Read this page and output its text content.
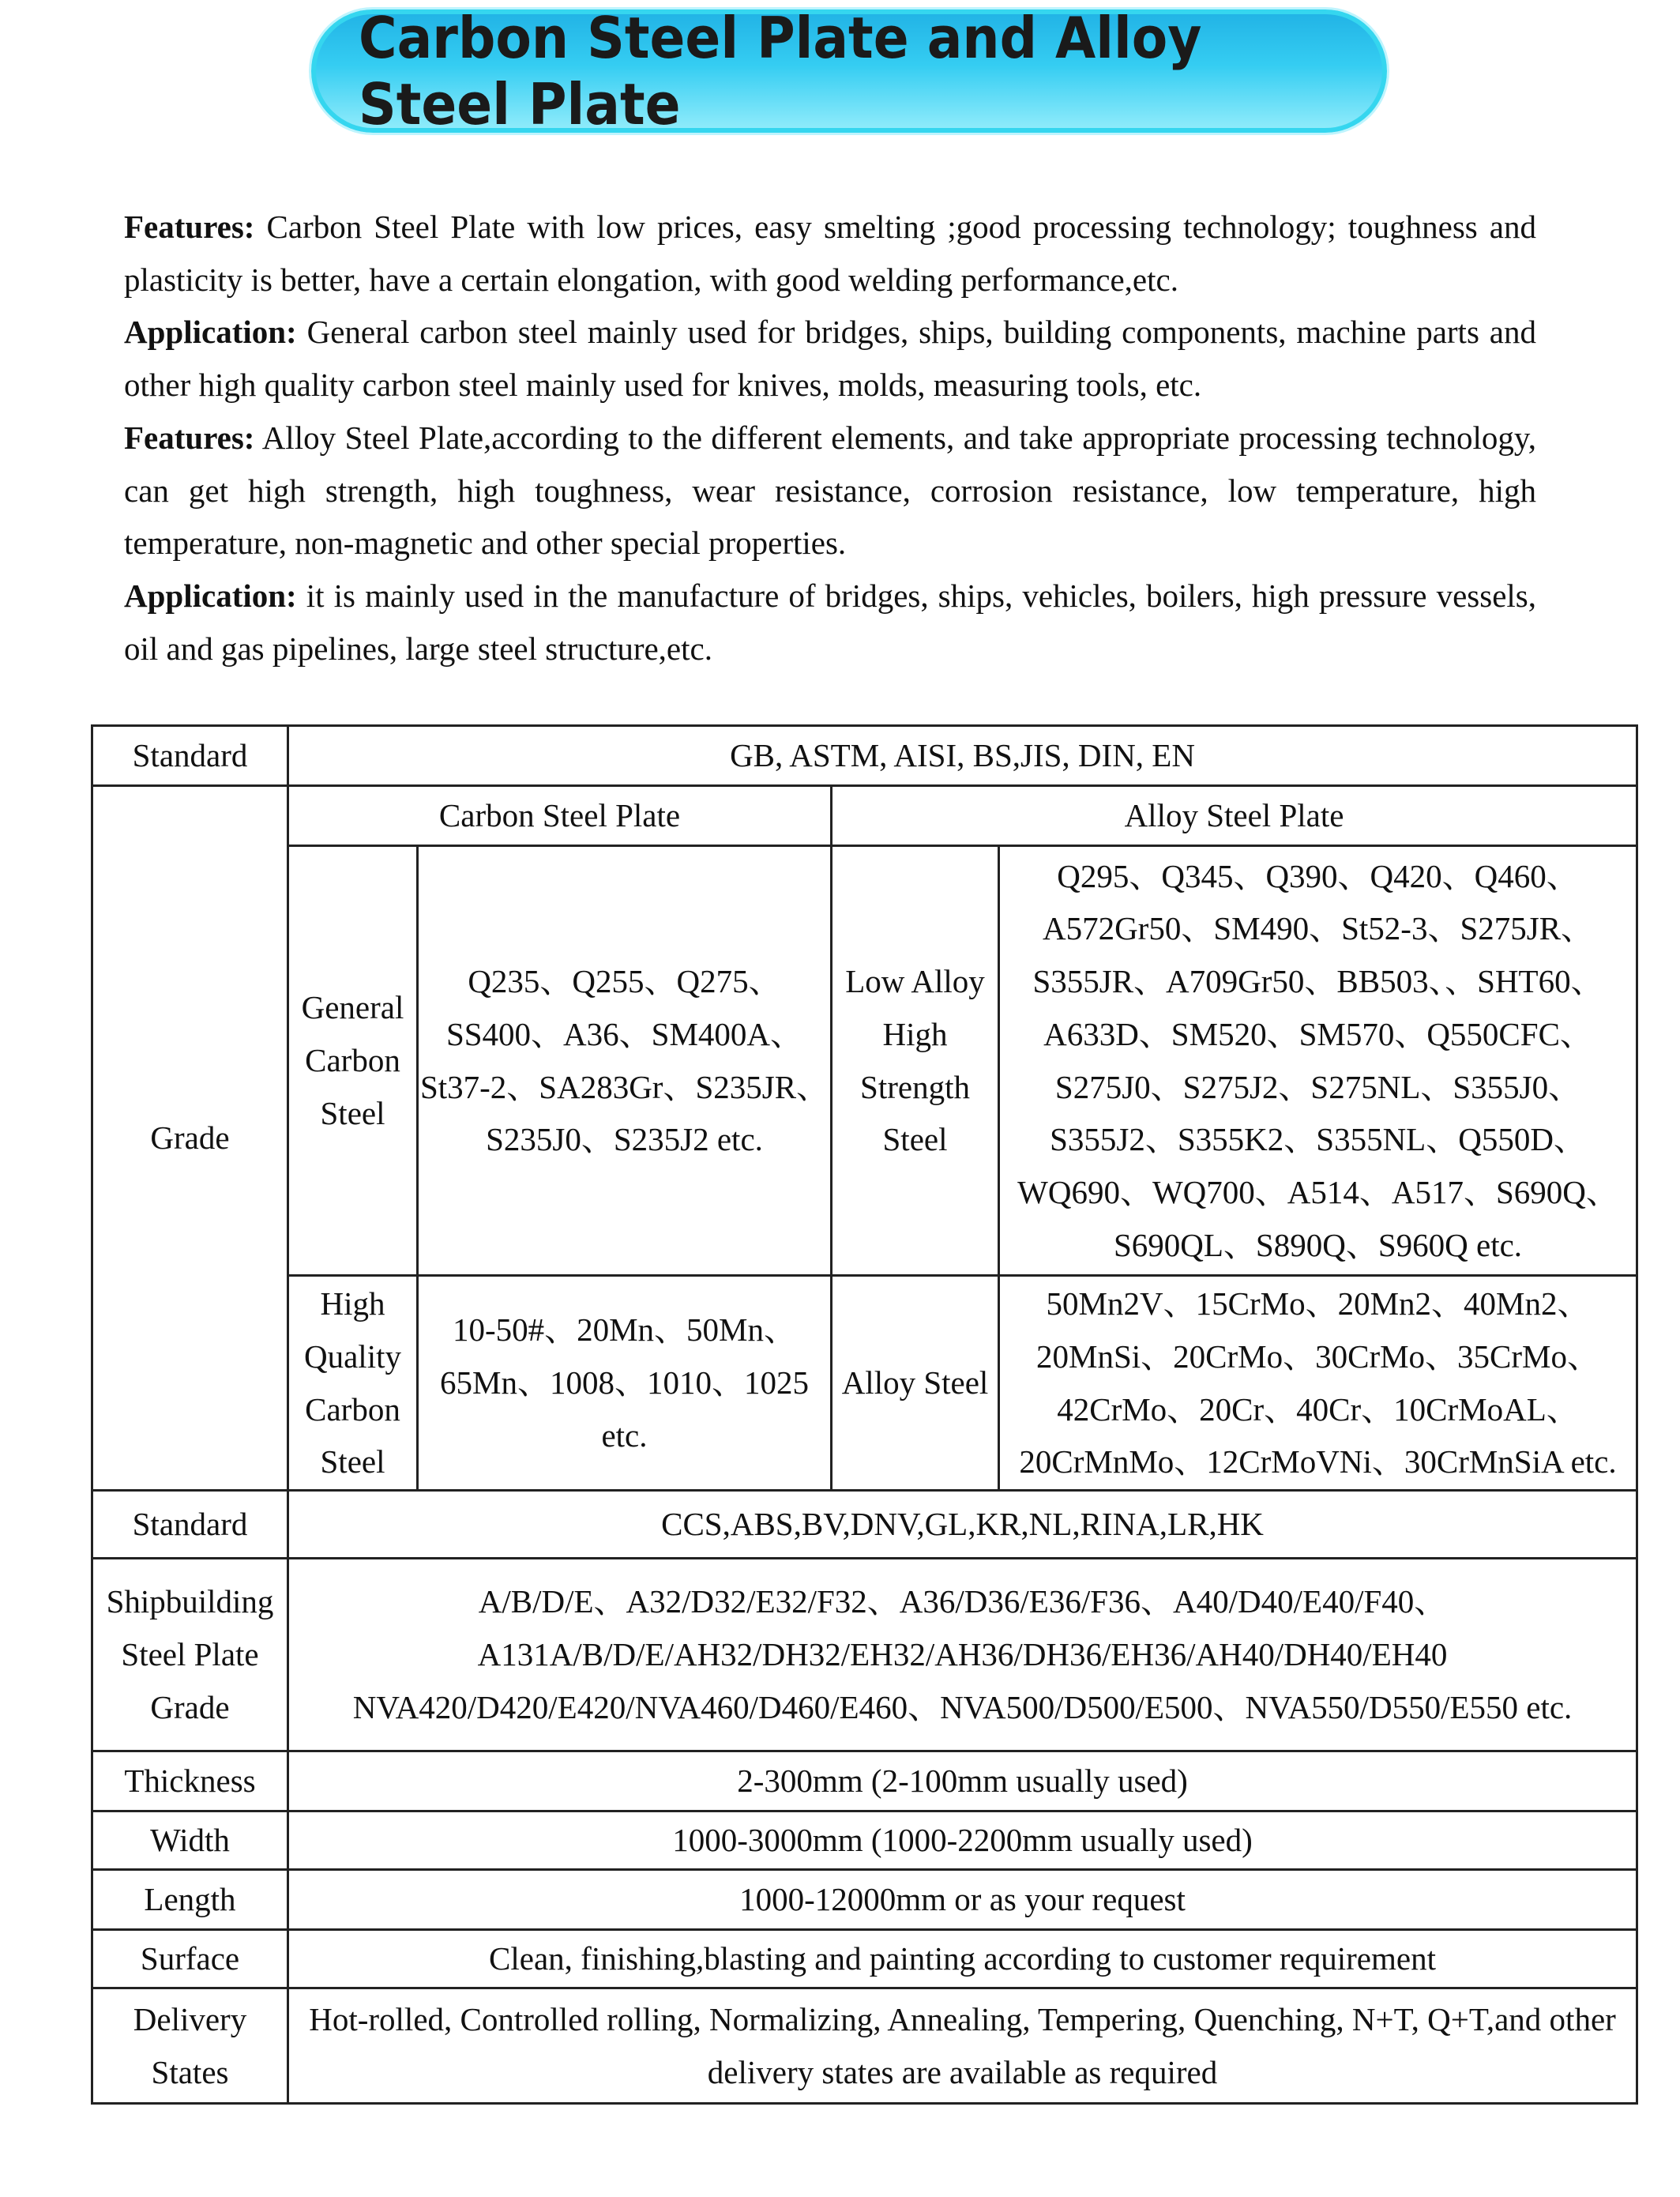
Carbon Steel Plate and Alloy Steel Plate

Features: Carbon Steel Plate with low prices, easy smelting ;good processing technology; toughness and plasticity is better, have a certain elongation, with good welding performance,etc.

Application: General carbon steel mainly used for bridges, ships, building components, machine parts and other high quality carbon steel mainly used for knives, molds, measuring tools, etc.

Features: Alloy Steel Plate,according to the different elements, and take appropriate processing technology, can get high strength, high toughness, wear resistance, corrosion resistance, low temperature, high temperature, non-magnetic and other special properties.

Application: it is mainly used in the manufacture of bridges, ships, vehicles, boilers, high pressure vessels, oil and gas pipelines, large steel structure,etc.

Standard	GB, ASTM, AISI, BS,JIS, DIN, EN			
Grade	Carbon Steel Plate		Alloy Steel Plate	
	General Carbon Steel	Q235、Q255、Q275、SS400、A36、SM400A、St37-2、SA283Gr、S235JR、S235J0、S235J2 etc.	Low Alloy High Strength Steel	Q295、Q345、Q390、Q420、Q460、A572Gr50、SM490、St52-3、S275JR、S355JR、A709Gr50、BB503、、SHT60、A633D、SM520、SM570、Q550CFC、S275J0、S275J2、S275NL、S355J0、S355J2、S355K2、S355NL、Q550D、WQ690、WQ700、A514、A517、S690Q、S690QL、S890Q、S960Q etc.
	High Quality Carbon Steel	10-50#、20Mn、50Mn、65Mn、1008、1010、1025 etc.	Alloy Steel	50Mn2V、15CrMo、20Mn2、40Mn2、20MnSi、20CrMo、30CrMo、35CrMo、42CrMo、20Cr、40Cr、10CrMoAL、20CrMnMo、12CrMoVNi、30CrMnSiA etc.

Standard	CCS,ABS,BV,DNV,GL,KR,NL,RINA,LR,HK			
Shipbuilding Steel Plate Grade	A/B/D/E、A32/D32/E32/F32、A36/D36/E36/F36、A40/D40/E40/F40、A131A/B/D/E/AH32/DH32/EH32/AH36/DH36/EH36/AH40/DH40/EH40 NVA420/D420/E420/NVA460/D460/E460、NVA500/D500/E500、NVA550/D550/E550 etc.			
Thickness	2-300mm (2-100mm usually used)			
Width	1000-3000mm (1000-2200mm usually used)			
Length	1000-12000mm or as your request			
Surface	Clean, finishing,blasting and painting according to customer requirement			
Delivery States	Hot-rolled, Controlled rolling, Normalizing, Annealing, Tempering, Quenching, N+T, Q+T,and other delivery states are available as required			
